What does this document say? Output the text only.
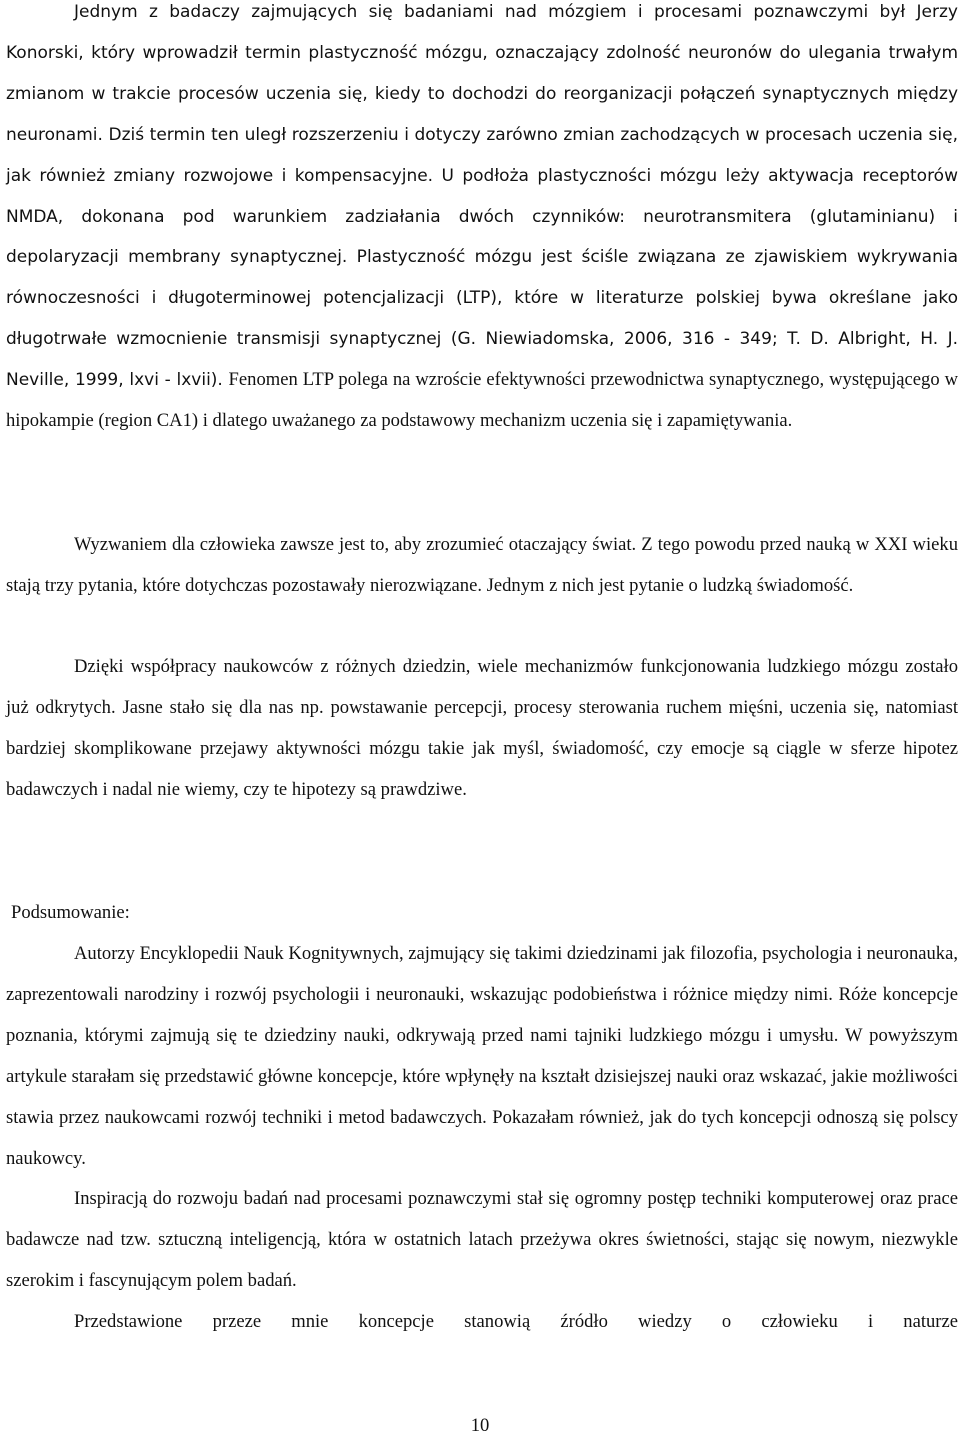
Jednym z badaczy zajmujących się badaniami nad mózgiem i procesami poznawczymi był Jerzy Konorski, który wprowadził termin plastyczność mózgu, oznaczający zdolność neuronów do ulegania trwałym zmianom w trakcie procesów uczenia się, kiedy to dochodzi do reorganizacji połączeń synaptycznych między neuronami. Dziś termin ten uległ rozszerzeniu i dotyczy zarówno zmian zachodzących w procesach uczenia się, jak również zmiany rozwojowe i kompensacyjne. U podłoża plastyczności mózgu leży aktywacja receptorów NMDA, dokonana pod warunkiem zadziałania dwóch czynników: neurotransmitera (glutaminianu) i depolaryzacji membrany synaptycznej. Plastyczność mózgu jest ściśle związana ze zjawiskiem wykrywania równoczesności i długoterminowej potencjalizacji (LTP), które w literaturze polskiej bywa określane jako długotrwałe wzmocnienie transmisji synaptycznej (G. Niewiadomska, 2006, 316 - 349; T. D. Albright, H. J. Neville, 1999, lxvi - lxvii). Fenomen LTP polega na wzroście efektywności przewodnictwa synaptycznego, występującego w hipokampie (region CA1) i dlatego uważanego za podstawowy mechanizm uczenia się i zapamiętywania.

Wyzwaniem dla człowieka zawsze jest to, aby zrozumieć otaczający świat. Z tego powodu przed nauką w XXI wieku stają trzy pytania, które dotychczas pozostawały nierozwiązane. Jednym z nich jest pytanie o ludzką świadomość.

Dzięki współpracy naukowców z różnych dziedzin, wiele mechanizmów funkcjonowania ludzkiego mózgu zostało już odkrytych. Jasne stało się dla nas np. powstawanie percepcji, procesy sterowania ruchem mięśni, uczenia się, natomiast bardziej skomplikowane przejawy aktywności mózgu takie jak myśl, świadomość, czy emocje są ciągle w sferze hipotez badawczych i nadal nie wiemy, czy te hipotezy są prawdziwe.

Podsumowanie:

Autorzy Encyklopedii Nauk Kognitywnych, zajmujący się takimi dziedzinami jak filozofia, psychologia i neuronauka, zaprezentowali narodziny i rozwój psychologii i neuronauki, wskazując podobieństwa i różnice między nimi. Róże koncepcje poznania, którymi zajmują się te dziedziny nauki, odkrywają przed nami tajniki ludzkiego mózgu i umysłu. W powyższym artykule starałam się przedstawić główne koncepcje, które wpłynęły na kształt dzisiejszej nauki oraz wskazać, jakie możliwości stawia przez naukowcami rozwój techniki i metod badawczych. Pokazałam również, jak do tych koncepcji odnoszą się polscy naukowcy.

Inspiracją do rozwoju badań nad procesami poznawczymi stał się ogromny postęp techniki komputerowej oraz prace badawcze nad tzw. sztuczną inteligencją, która w ostatnich latach przeżywa okres świetności, stając się nowym, niezwykle szerokim i fascynującym polem badań.

Przedstawione przeze mnie koncepcje stanowią źródło wiedzy o człowieku i naturze

10
